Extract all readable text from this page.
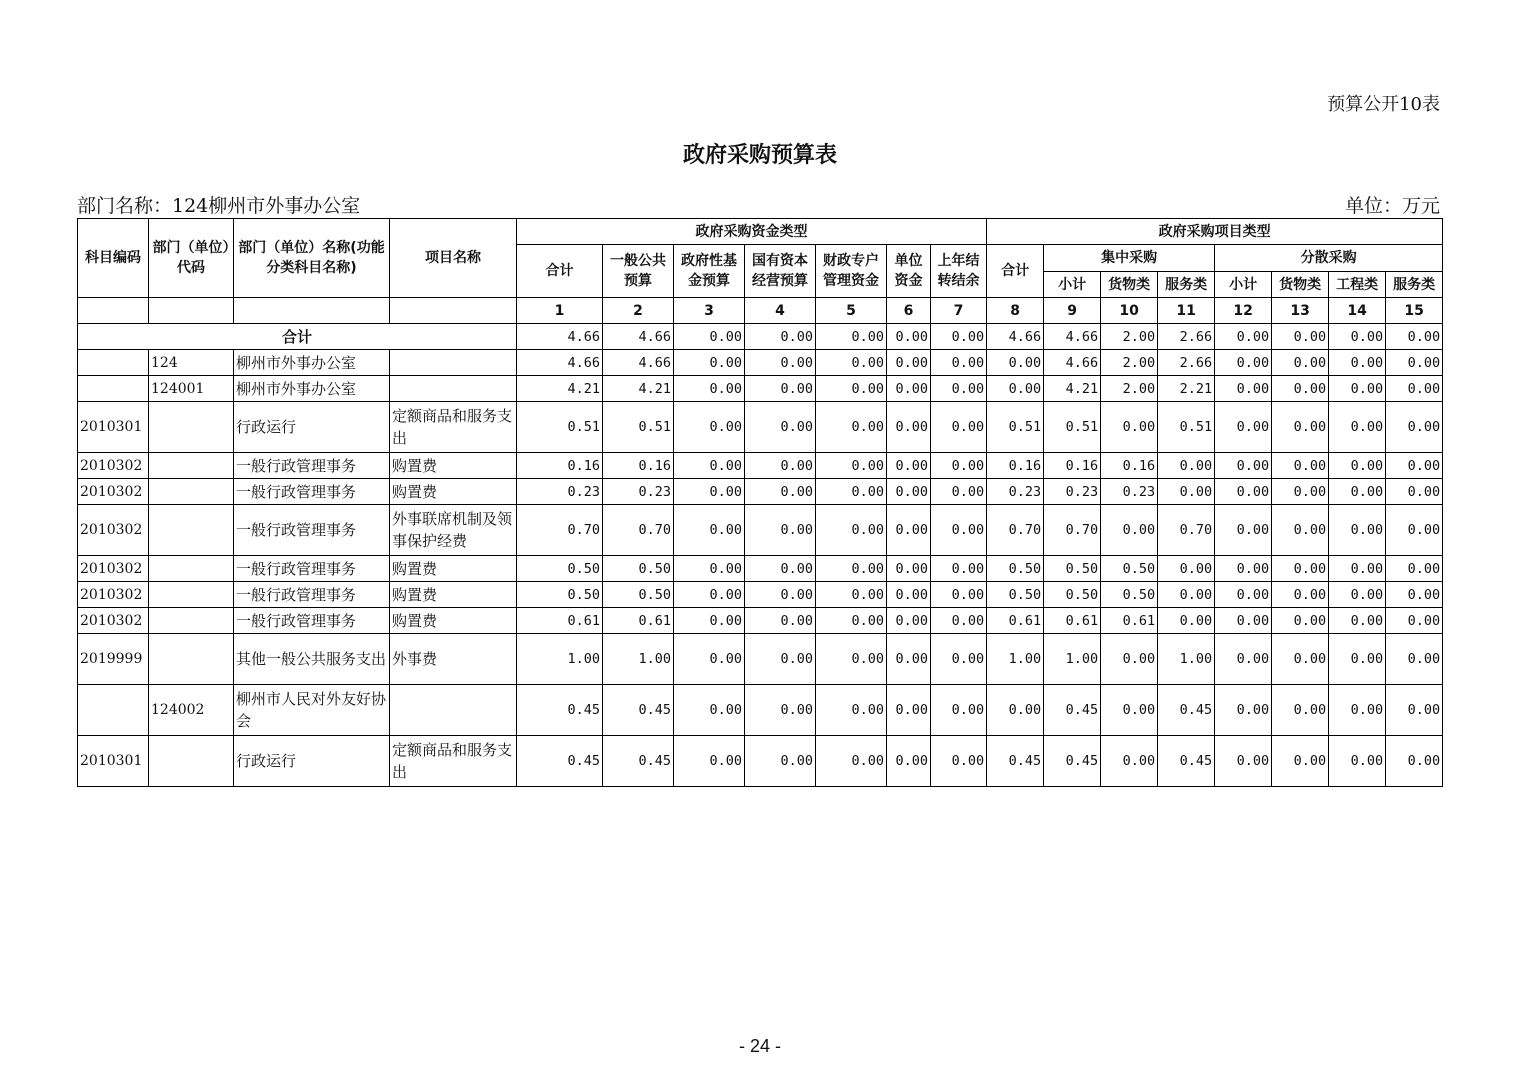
预算公开10表
政府采购预算表
部门名称：124柳州市外事办公室	单位：万元
科目编码	部门（单位）代码	部门（单位）名称(功能分类科目名称)	项目名称	政府采购资金类型							政府采购项目类型							
				合计	一般公共预算	政府性基金预算	国有资本经营预算	财政专户管理资金	单位资金	上年结转结余	合计	集中采购			分散采购			
												小计	货物类	服务类	小计	货物类	工程类	服务类
				1	2	3	4	5	6	7	8	9	10	11	12	13	14	15
合计				4.66	4.66	0.00	0.00	0.00	0.00	0.00	4.66	4.66	2.00	2.66	0.00	0.00	0.00	0.00
	124	柳州市外事办公室		4.66	4.66	0.00	0.00	0.00	0.00	0.00	0.00	4.66	2.00	2.66	0.00	0.00	0.00	0.00
	124001	柳州市外事办公室		4.21	4.21	0.00	0.00	0.00	0.00	0.00	0.00	4.21	2.00	2.21	0.00	0.00	0.00	0.00
2010301		行政运行	定额商品和服务支出	0.51	0.51	0.00	0.00	0.00	0.00	0.00	0.51	0.51	0.00	0.51	0.00	0.00	0.00	0.00
2010302		一般行政管理事务	购置费	0.16	0.16	0.00	0.00	0.00	0.00	0.00	0.16	0.16	0.16	0.00	0.00	0.00	0.00	0.00
2010302		一般行政管理事务	购置费	0.23	0.23	0.00	0.00	0.00	0.00	0.00	0.23	0.23	0.23	0.00	0.00	0.00	0.00	0.00
2010302		一般行政管理事务	外事联席机制及领事保护经费	0.70	0.70	0.00	0.00	0.00	0.00	0.00	0.70	0.70	0.00	0.70	0.00	0.00	0.00	0.00
2010302		一般行政管理事务	购置费	0.50	0.50	0.00	0.00	0.00	0.00	0.00	0.50	0.50	0.50	0.00	0.00	0.00	0.00	0.00
2010302		一般行政管理事务	购置费	0.50	0.50	0.00	0.00	0.00	0.00	0.00	0.50	0.50	0.50	0.00	0.00	0.00	0.00	0.00
2010302		一般行政管理事务	购置费	0.61	0.61	0.00	0.00	0.00	0.00	0.00	0.61	0.61	0.61	0.00	0.00	0.00	0.00	0.00
2019999		其他一般公共服务支出	外事费	1.00	1.00	0.00	0.00	0.00	0.00	0.00	1.00	1.00	0.00	1.00	0.00	0.00	0.00	0.00
	124002	柳州市人民对外友好协会		0.45	0.45	0.00	0.00	0.00	0.00	0.00	0.00	0.45	0.00	0.45	0.00	0.00	0.00	0.00
2010301		行政运行	定额商品和服务支出	0.45	0.45	0.00	0.00	0.00	0.00	0.00	0.45	0.45	0.00	0.45	0.00	0.00	0.00	0.00
- 24 -
